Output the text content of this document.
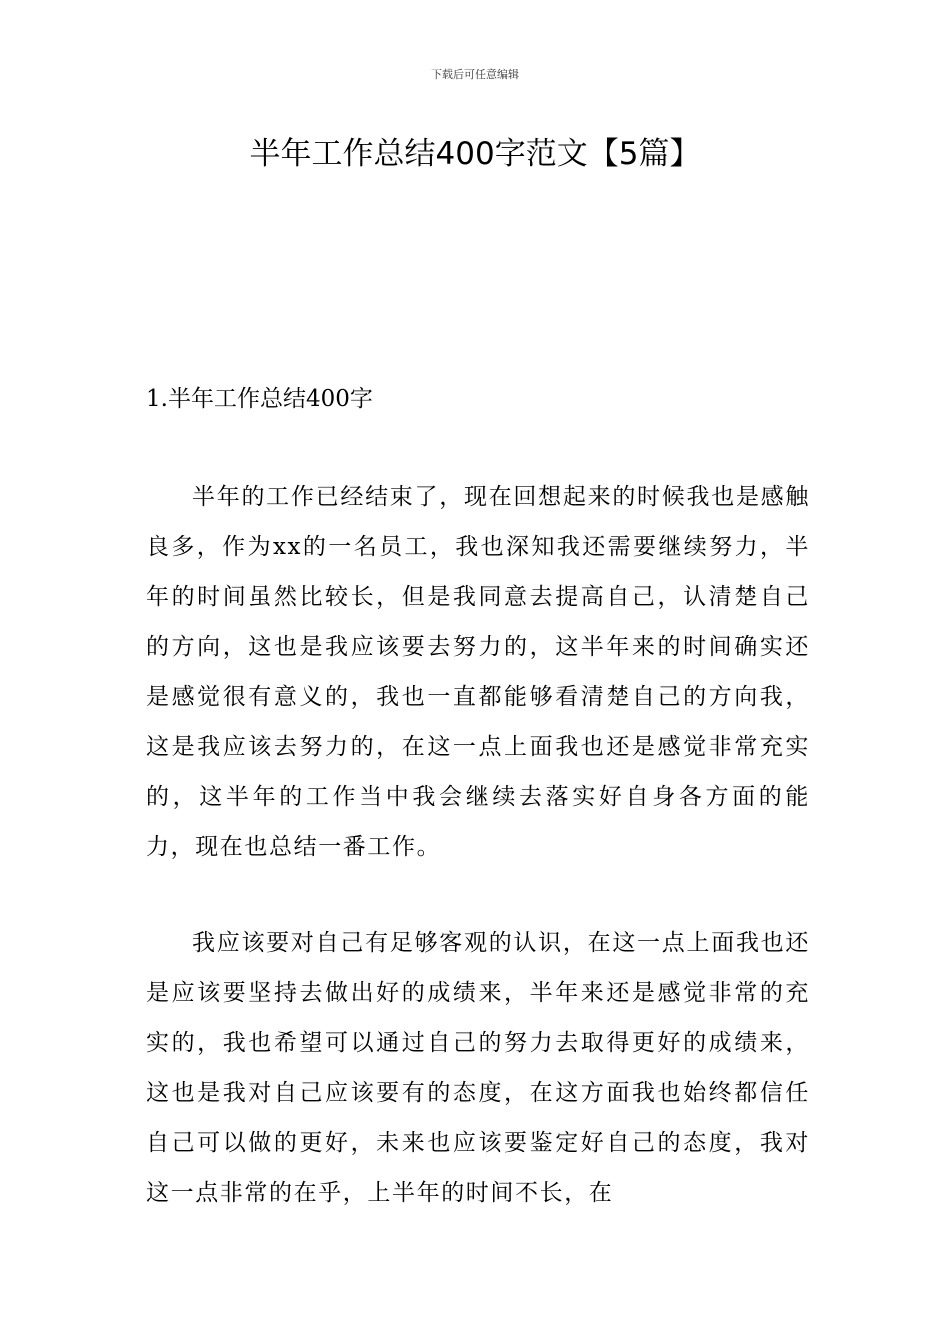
下载后可任意编辑
半年工作总结400字范文【5篇】
1.半年工作总结400字

半年的工作已经结束了，现在回想起来的时候我也是感触良多，作为xx的一名员工，我也深知我还需要继续努力，半年的时间虽然比较长，但是我同意去提高自己，认清楚自己的方向，这也是我应该要去努力的，这半年来的时间确实还是感觉很有意义的，我也一直都能够看清楚自己的方向我，这是我应该去努力的，在这一点上面我也还是感觉非常充实的，这半年的工作当中我会继续去落实好自身各方面的能力，现在也总结一番工作。

我应该要对自己有足够客观的认识，在这一点上面我也还是应该要坚持去做出好的成绩来，半年来还是感觉非常的充实的，我也希望可以通过自己的努力去取得更好的成绩来，这也是我对自己应该要有的态度，在这方面我也始终都信任自己可以做的更好，未来也应该要鉴定好自己的态度，我对这一点非常的在乎，上半年的时间不长，在
